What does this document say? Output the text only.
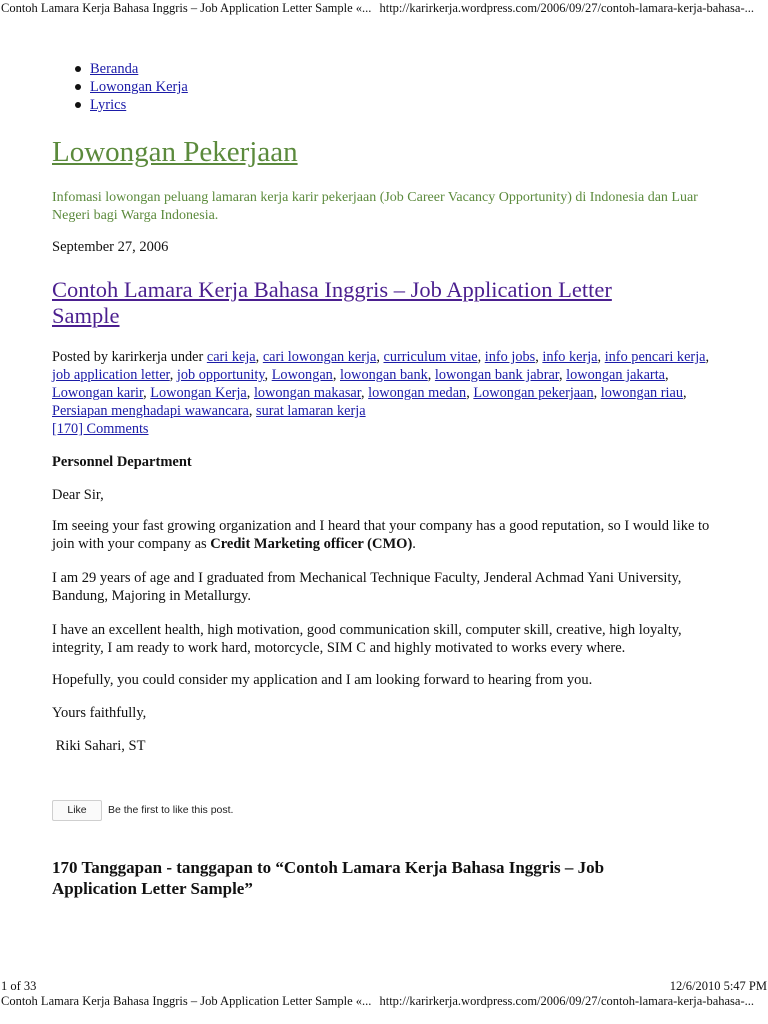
Contoh Lamara Kerja Bahasa Inggris – Job Application Letter Sample «... http://karirkerja.wordpress.com/2006/09/27/contoh-lamara-kerja-bahasa-...
Beranda
Lowongan Kerja
Lyrics
Lowongan Pekerjaan
Infomasi lowongan peluang lamaran kerja karir pekerjaan (Job Career Vacancy Opportunity) di Indonesia dan Luar Negeri bagi Warga Indonesia.
September 27, 2006
Contoh Lamara Kerja Bahasa Inggris – Job Application Letter Sample
Posted by karirkerja under cari keja, cari lowongan kerja, curriculum vitae, info jobs, info kerja, info pencari kerja, job application letter, job opportunity, Lowongan, lowongan bank, lowongan bank jabrar, lowongan jakarta, Lowongan karir, Lowongan Kerja, lowongan makasar, lowongan medan, Lowongan pekerjaan, lowongan riau, Persiapan menghadapi wawancara, surat lamaran kerja
[170] Comments
Personnel Department
Dear Sir,
Im seeing your fast growing organization and I heard that your company has a good reputation, so I would like to join with your company as Credit Marketing officer (CMO).
I am 29 years of age and I graduated from Mechanical Technique Faculty, Jenderal Achmad Yani University, Bandung, Majoring in Metallurgy.
I have an excellent health, high motivation, good communication skill, computer skill, creative, high loyalty, integrity, I am ready to work hard, motorcycle, SIM C and highly motivated to works every where.
Hopefully, you could consider my application and I am looking forward to hearing from you.
Yours faithfully,
Riki Sahari, ST
Like	Be the first to like this post.
170 Tanggapan - tanggapan to “Contoh Lamara Kerja Bahasa Inggris – Job Application Letter Sample”
1 of 33	12/6/2010 5:47 PM
Contoh Lamara Kerja Bahasa Inggris – Job Application Letter Sample «... http://karirkerja.wordpress.com/2006/09/27/contoh-lamara-kerja-bahasa-...
